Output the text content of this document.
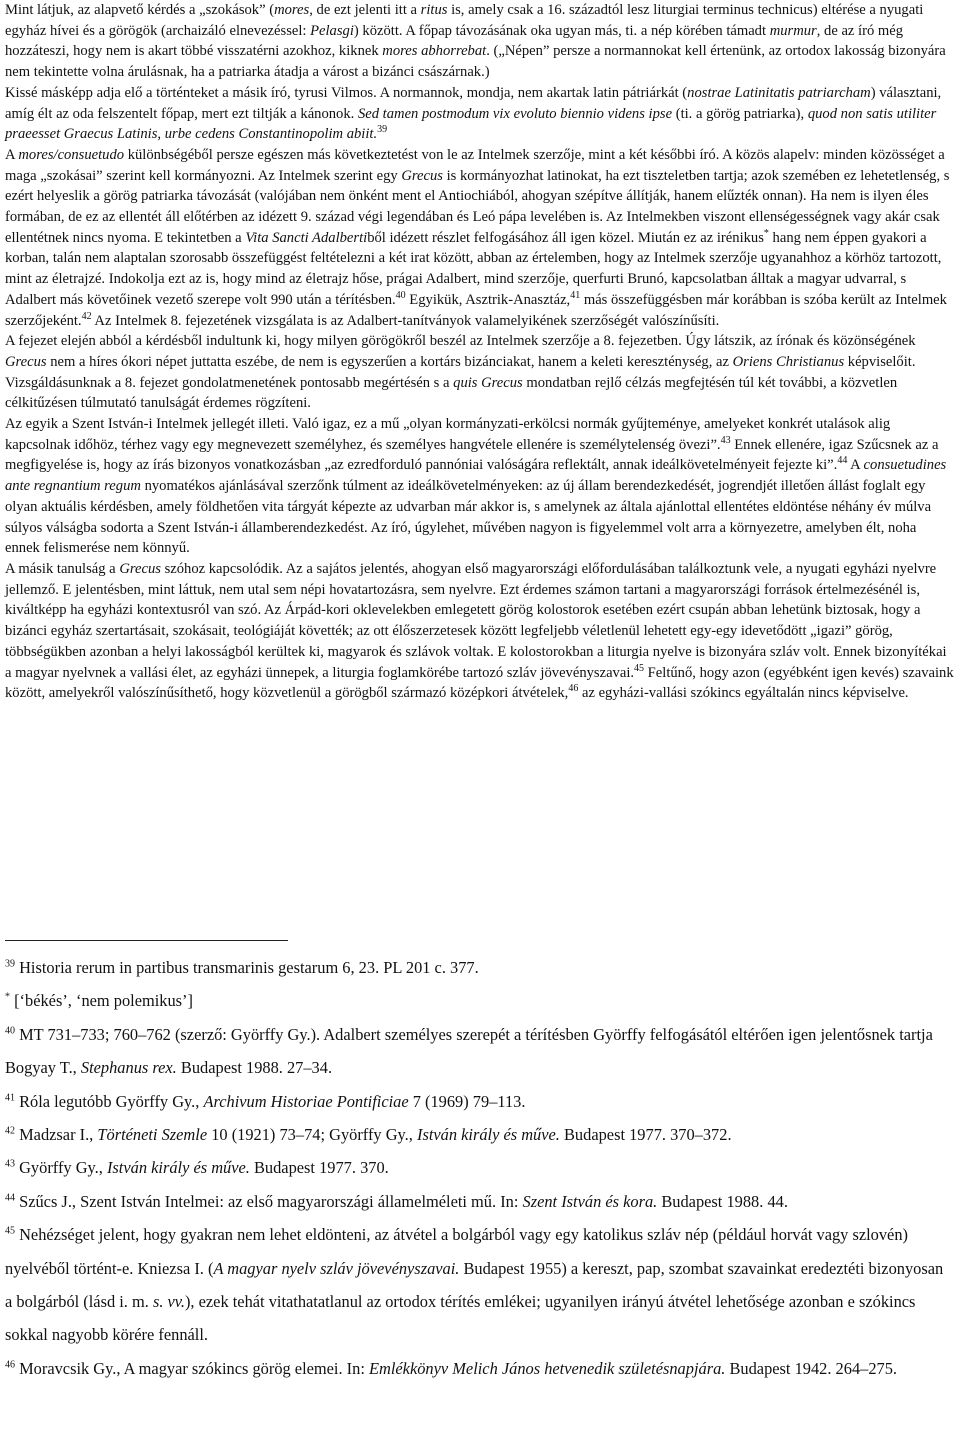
Mint látjuk, az alapvető kérdés a „szokások” (mores, de ezt jelenti itt a ritus is, amely csak a 16. századtól lesz liturgiai terminus technicus) eltérése a nyugati egyház hívei és a görögök (archaizáló elnevezéssel: Pelasgi) között. A főpap távozásának oka ugyan más, ti. a nép körében támadt murmur, de az író még hozzáteszi, hogy nem is akart többé visszatérni azokhoz, kiknek mores abhorrebat. („Népen” persze a normannokat kell értenünk, az ortodox lakosság bizonyára nem tekintette volna árulásnak, ha a patriarka átadja a várost a bizánci császárnak.)

Kissé másképp adja elő a történteket a másik író, tyrusi Vilmos. A normannok, mondja, nem akartak latin pátriárkát (nostrae Latinitatis patriarcham) választani, amíg élt az oda felszentelt főpap, mert ezt tiltják a kánonok. Sed tamen postmodum vix evoluto biennio videns ipse (ti. a görög patriarka), quod non satis utiliter praeesset Graecus Latinis, urbe cedens Constantinopolim abiit.$^{39}$

A mores/consuetudo különbségéből persze egészen más következtetést von le az Intelmek szerzője, mint a két későbbi író. A közös alapelv: minden közösséget a maga „szokásai” szerint kell kormányozni. Az Intelmek szerint egy Grecus is kormányozhat latinokat, ha ezt tiszteletben tartja; azok szemében ez lehetetlenség, s ezért helyeslik a görög patriarka távozását (valójában nem önként ment el Antiochiából, ahogyan szépítve állítják, hanem elűzték onnan). Ha nem is ilyen éles formában, de ez az ellentét áll előtérben az idézett 9. század végi legendában és Leó pápa levelében is. Az Intelmekben viszont ellenségességnek vagy akár csak ellentétnek nincs nyoma. E tekintetben a Vita Sancti Adalbertiből idézett részlet felfogásához áll igen közel. Miután ez az irénikus* hang nem éppen gyakori a korban, talán nem alaptalan szorosabb összefüggést feltételezni a két irat között, abban az értelemben, hogy az Intelmek szerzője ugyanahhoz a körhöz tartozott, mint az életrajzé. Indokolja ezt az is, hogy mind az életrajz hőse, prágai Adalbert, mind szerzője, querfurti Brunó, kapcsolatban álltak a magyar udvarral, s Adalbert más követőinek vezető szerepe volt 990 után a térítésben.$^{40}$ Egyikük, Asztrik-Anasztáz,$^{41}$ más összefüggésben már korábban is szóba került az Intelmek szerzőjeként.$^{42}$ Az Intelmek 8. fejezetének vizsgálata is az Adalbert-tanítványok valamelyikének szerzőségét valószínűsíti.

A fejezet elején abból a kérdésből indultunk ki, hogy milyen görögökről beszél az Intelmek szerzője a 8. fejezetben. Úgy látszik, az írónak és közönségének Grecus nem a híres ókori népet juttatta eszébe, de nem is egyszerűen a kortárs bizánciakat, hanem a keleti kereszténység, az Oriens Christianus képviselőit.

Vizsgáldásunknak a 8. fejezet gondolatmenetének pontosabb megértésén s a quis Grecus mondatban rejlő célzás megfejtésén túl két további, a közvetlen célkitűzésen túlmutató tanulságát érdemes rögzíteni.

Az egyik a Szent István-i Intelmek jellegét illeti. Való igaz, ez a mű „olyan kormányzati-erkölcsi normák gyűjteménye, amelyeket konkrét utalások alig kapcsolnak időhöz, térhez vagy egy megnevezett személyhez, és személyes hangvétele ellenére is személytelenség övezi”.$^{43}$ Ennek ellenére, igaz Szűcsnek az a megfigyelése is, hogy az írás bizonyos vonatkozásban „az ezredforduló pannóniai valóságára reflektált, annak ideálkövetelményeit fejezte ki”.$^{44}$ A consuetudines ante regnantium regum nyomatékos ajánlásával szerzőnk túlment az ideálkövetelményeken: az új állam berendezkedését, jogrendjét illetően állást foglalt egy olyan aktuális kérdésben, amely földhetően vita tárgyát képezte az udvarban már akkor is, s amelynek az általa ajánlottal ellentétes eldöntése néhány év múlva súlyos válságba sodorta a Szent István-i államberendezkedést. Az író, úgylehet, művében nagyon is figyelemmel volt arra a környezetre, amelyben élt, noha ennek felismerése nem könnyű.

A másik tanulság a Grecus szóhoz kapcsolódik. Az a sajátos jelentés, ahogyan első magyarországi előfordulásában találkoztunk vele, a nyugati egyházi nyelvre jellemző. E jelentésben, mint láttuk, nem utal sem népi hovatartozásra, sem nyelvre. Ezt érdemes számon tartani a magyarországi források értelmezésénél is, kiváltképp ha egyházi kontextusról van szó. Az Árpád-kori oklevelekben emlegetett görög kolostorok esetében ezért csupán abban lehetünk biztosak, hogy a bizánci egyház szertartásait, szokásait, teológiáját követték; az ott élőszerzetesek között legfeljebb véletlenül lehetett egy-egy idevetődött „igazi” görög, többségükben azonban a helyi lakosságból kerültek ki, magyarok és szlávok voltak. E kolostorokban a liturgia nyelve is bizonyára szláv volt. Ennek bizonyítékai a magyar nyelvnek a vallási élet, az egyházi ünnepek, a liturgia foglamkörébe tartozó szláv jövevényszavai.$^{45}$ Feltűnő, hogy azon (egyébként igen kevés) szavaink között, amelyekről valószínűsíthető, hogy közvetlenül a görögből származó középkori átvételek,$^{46}$ az egyházi-vallási szókincs egyáltalán nincs képviselve.

$^{39}$ Historia rerum in partibus transmarinis gestarum 6, 23. PL 201 c. 377.

* [‘békés’, ‘nem polemikus’]

$^{40}$ MT 731–733; 760–762 (szerző: Györffy Gy.). Adalbert személyes szerepét a térítésben Györffy felfogásától eltérően igen jelentősnek tartja Bogyay T., Stephanus rex. Budapest 1988. 27–34.

$^{41}$ Róla legutóbb Györffy Gy., Archivum Historiae Pontificiae 7 (1969) 79–113.

$^{42}$ Madzsar I., Történeti Szemle 10 (1921) 73–74; Györffy Gy., István király és műve. Budapest 1977. 370–372.

$^{43}$ Györffy Gy., István király és műve. Budapest 1977. 370.

$^{44}$ Szűcs J., Szent István Intelmei: az első magyarországi államelméleti mű. In: Szent István és kora. Budapest 1988. 44.

$^{45}$ Nehézséget jelent, hogy gyakran nem lehet eldönteni, az átvétel a bolgárból vagy egy katolikus szláv nép (például horvát vagy szlovén) nyelvéből történt-e. Kniezsa I. (A magyar nyelv szláv jövevényszavai. Budapest 1955) a kereszt, pap, szombat szavainkat eredeztéti bizonyosan a bolgárból (lásd i. m. s. vv.), ezek tehát vitathatatlanul az ortodox térítés emlékei; ugyanilyen irányú átvétel lehetősége azonban e szókincs sokkal nagyobb körére fennáll.

$^{46}$ Moravcsik Gy., A magyar szókincs görög elemei. In: Emlékkönyv Melich János hetvenedik születésnapjára. Budapest 1942. 264–275.
